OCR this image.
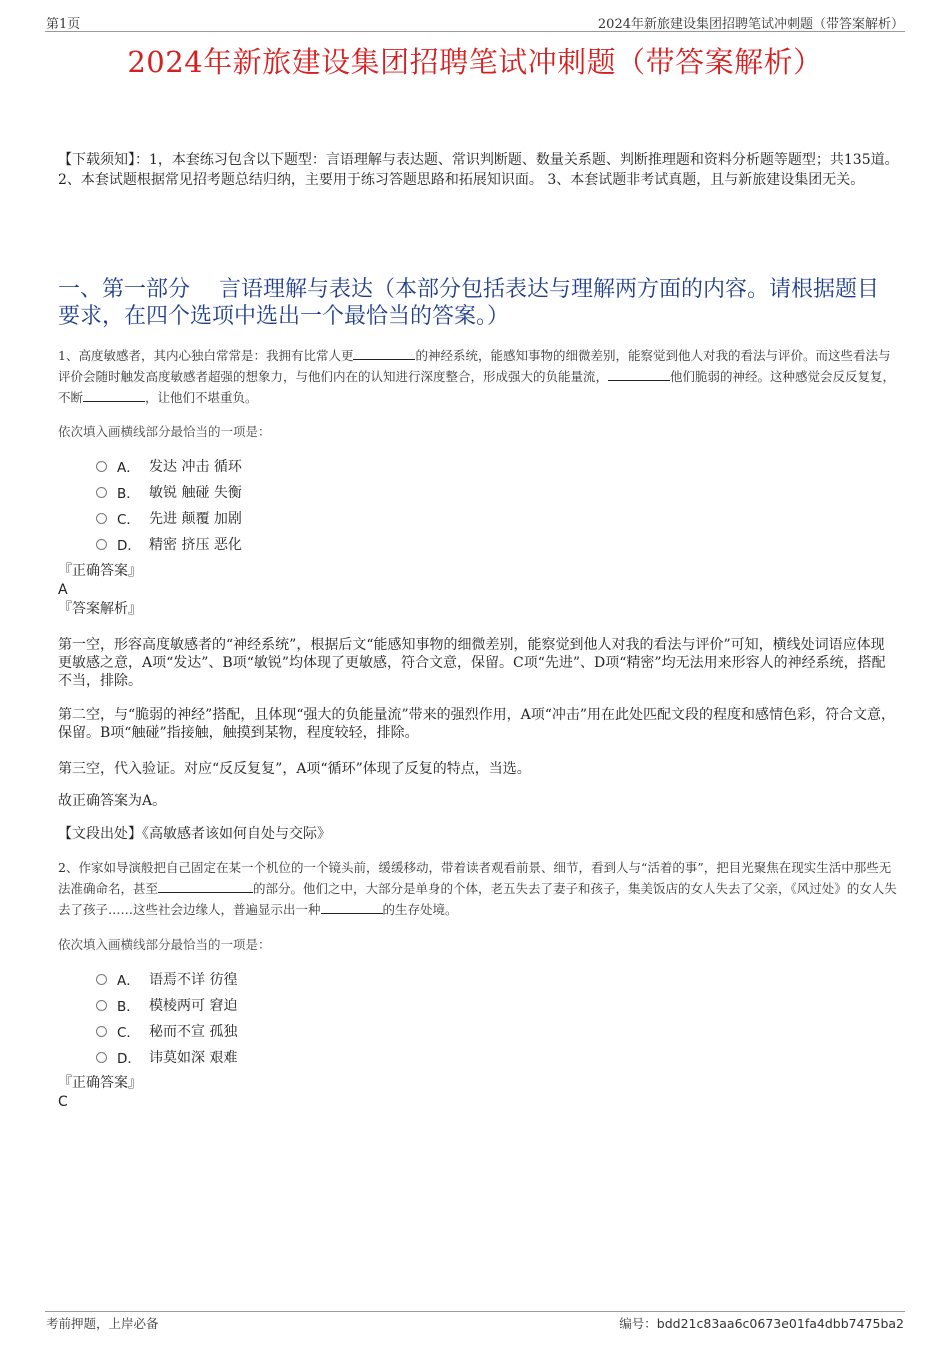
第1页	2024年新旅建设集团招聘笔试冲刺题（带答案解析）
2024年新旅建设集团招聘笔试冲刺题（带答案解析）
【下载须知】：1，本套练习包含以下题型：言语理解与表达题、常识判断题、数量关系题、判断推理题和资料分析题等题型；共135道。 2、本套试题根据常见招考题总结归纳，主要用于练习答题思路和拓展知识面。 3、本套试题非考试真题，且与新旅建设集团无关。
一、第一部分　 言语理解与表达（本部分包括表达与理解两方面的内容。请根据题目要求，在四个选项中选出一个最恰当的答案。）

1、高度敏感者，其内心独白常常是：我拥有比常人更	的神经系统，能感知事物的细微差别，能察觉到他人对我的看法与评价。而这些看法与评价会随时触发高度敏感者超强的想象力，与他们内在的认知进行深度整合，形成强大的负能量流，	他们脆弱的神经。这种感觉会反反复复，不断	，让他们不堪重负。

依次填入画横线部分最恰当的一项是：

A． 发达 冲击 循环
B． 敏锐 触碰 失衡
C． 先进 颠覆 加剧
D． 精密 挤压 恶化

『正确答案』

A

『答案解析』

第一空，形容高度敏感者的“神经系统”，根据后文“能感知事物的细微差别，能察觉到他人对我的看法与评价”可知，横线处词语应体现更敏感之意，A项“发达”、B项“敏锐”均体现了更敏感，符合文意，保留。C项“先进”、D项“精密”均无法用来形容人的神经系统，搭配不当，排除。

第二空，与“脆弱的神经”搭配，且体现“强大的负能量流”带来的强烈作用，A项“冲击”用在此处匹配文段的程度和感情色彩，符合文意，保留。B项“触碰”指接触，触摸到某物，程度较轻，排除。

第三空，代入验证。对应“反反复复”，A项“循环”体现了反复的特点，当选。

故正确答案为A。

【文段出处】《高敏感者该如何自处与交际》

2、作家如导演般把自己固定在某一个机位的一个镜头前，缓缓移动，带着读者观看前景、细节，看到人与“活着的事”，把目光聚焦在现实生活中那些无法准确命名，甚至	的部分。他们之中，大部分是单身的个体，老五失去了妻子和孩子，集美饭店的女人失去了父亲，《风过处》的女人失去了孩子……这些社会边缘人，普遍显示出一种	的生存处境。

依次填入画横线部分最恰当的一项是：

A． 语焉不详 彷徨
B． 模棱两可 窘迫
C． 秘而不宣 孤独
D． 讳莫如深 艰难

『正确答案』

C

考前押题，上岸必备	编号：bdd21c83aa6c0673e01fa4dbb7475ba2
